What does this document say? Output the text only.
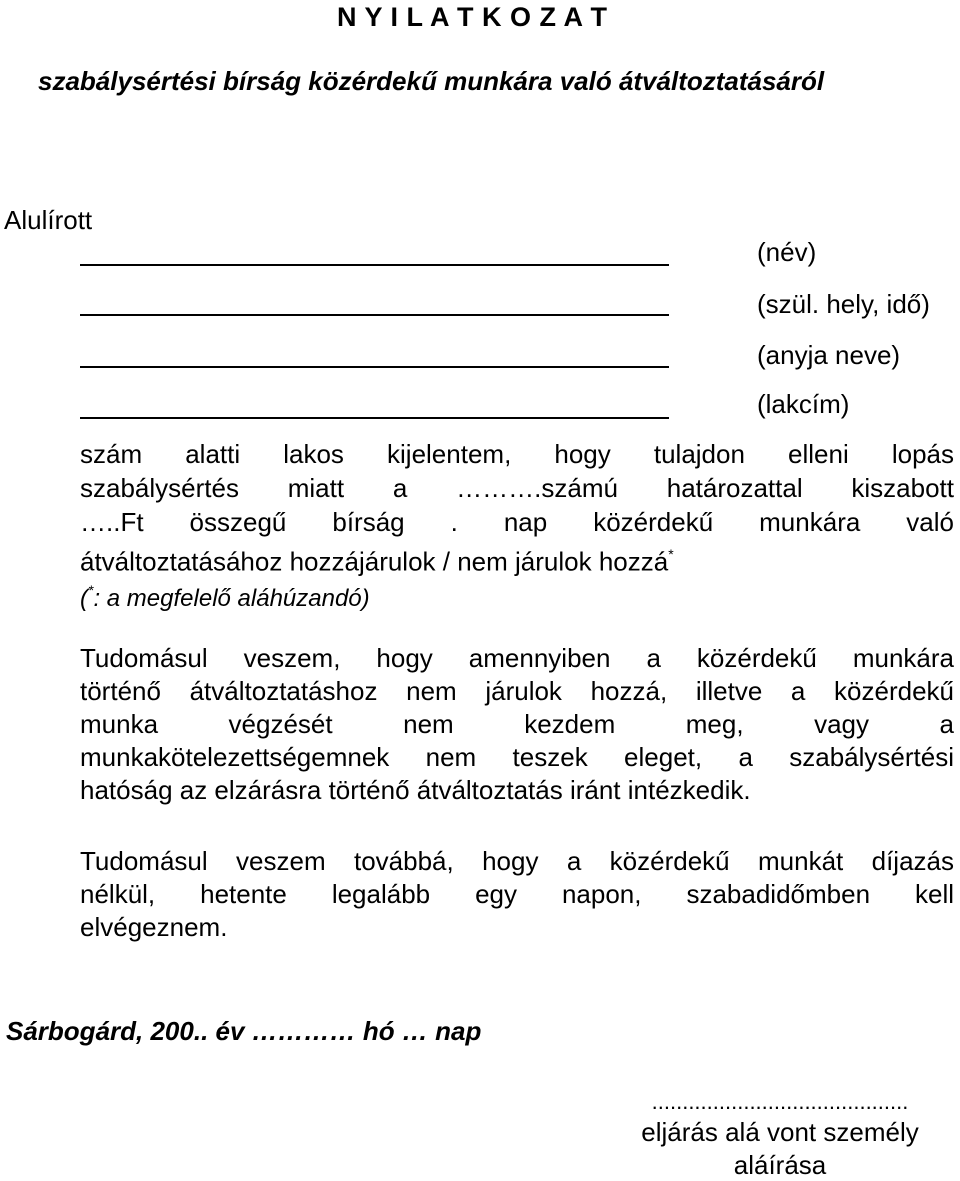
N Y I L A T K O Z A T
szabálysértési bírság közérdekű munkára való átváltoztatásáról
Alulírott
(név)
(szül. hely, idő)
(anyja neve)
(lakcím)
szám alatti lakos kijelentem, hogy tulajdon elleni lopás
szabálysértés miatt a ……….számú határozattal kiszabott
…..Ft összegű bírság . nap közérdekű munkára való
átváltoztatásához hozzájárulok / nem járulok hozzá*
(*: a megfelelő aláhúzandó)
Tudomásul veszem, hogy amennyiben a közérdekű munkára
történő átváltoztatáshoz nem járulok hozzá, illetve a közérdekű
munka végzését nem kezdem meg, vagy a
munkakötelezettségemnek nem teszek eleget, a szabálysértési
hatóság az elzárásra történő átváltoztatás iránt intézkedik.
Tudomásul veszem továbbá, hogy a közérdekű munkát díjazás
nélkül, hetente legalább egy napon, szabadidőmben kell
elvégeznem.
Sárbogárd, 200.. év ………… hó … nap
..........................................
eljárás alá vont személy
aláírása
